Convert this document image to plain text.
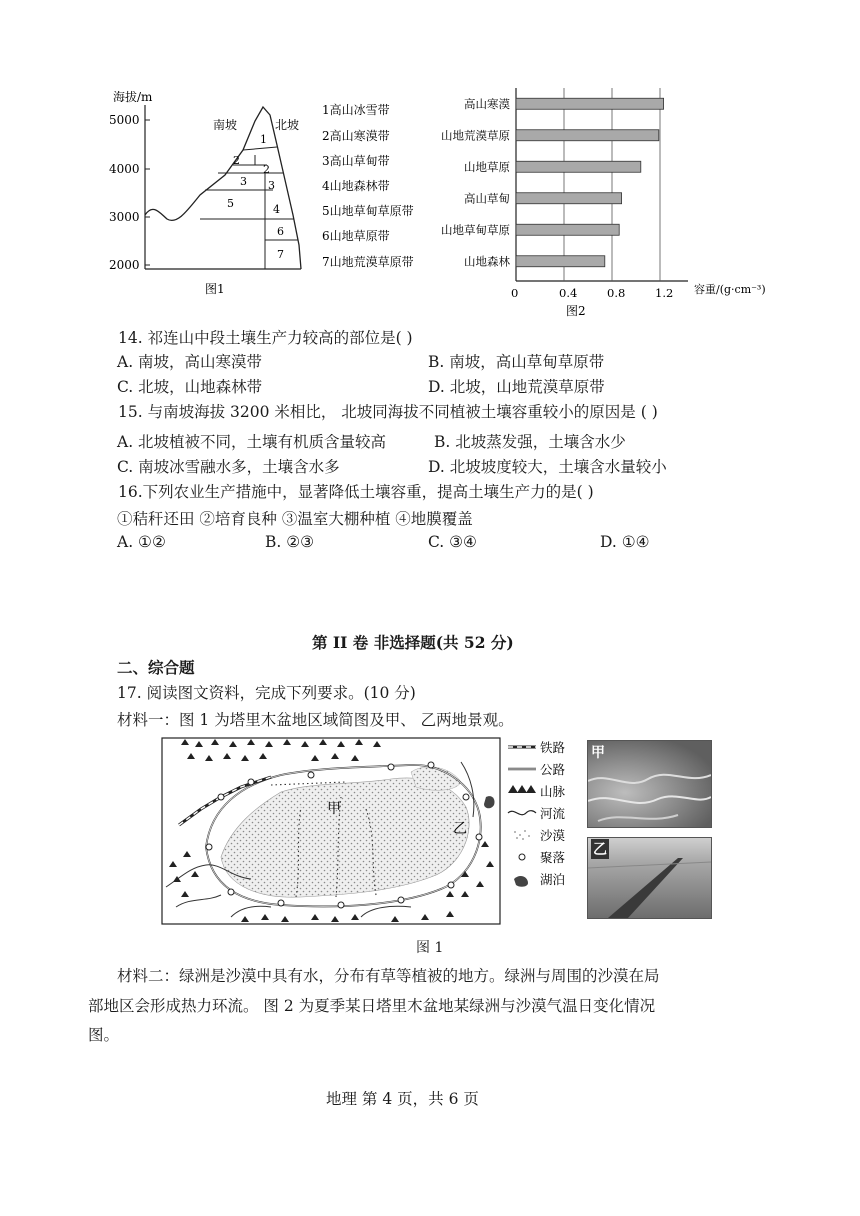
海拔/m
5000
4000
3000
2000
南坡	北坡
1
2
2
3 3
4
5
6
7
1高山冰雪带
2高山寒漠带
3高山草甸带
4山地森林带
5山地草甸草原带
6山地草原带
7山地荒漠草原带
图1	容重/(g·cm⁻³)
图2
0	0.4	0.8	1.2
高山寒漠
山地荒漠草原
山地草原
高山草甸
山地草甸草原
山地森林
14. 祁连山中段土壤生产力较高的部位是( )
A. 南坡，高山寒漠带	B. 南坡，高山草甸草原带
C. 北坡，山地森林带	D. 北坡，山地荒漠草原带
15. 与南坡海拔 3200 米相比， 北坡同海拔不同植被土壤容重较小的原因是 ( )
A. 北坡植被不同，土壤有机质含量较高	B. 北坡蒸发强，土壤含水少
C. 南坡冰雪融水多，土壤含水多	D. 北坡坡度较大，土壤含水量较小
16.下列农业生产措施中，显著降低土壤容重，提高土壤生产力的是( )
①秸秆还田 ②培育良种 ③温室大棚种植 ④地膜覆盖
A. ①②	B. ②③	C. ③④	D. ①④
第 II 卷 非选择题(共 52 分)
二、综合题
17. 阅读图文资料，完成下列要求。(10 分)
材料一：图 1 为塔里木盆地区域简图及甲、 乙两地景观。
甲
乙
铁路
公路
山脉
河流
沙漠
聚落
湖泊
甲
乙
图 1
材料二：绿洲是沙漠中具有水，分布有草等植被的地方。绿洲与周围的沙漠在局
部地区会形成热力环流。 图 2 为夏季某日塔里木盆地某绿洲与沙漠气温日变化情况
图。
地理 第 4 页，共 6 页
